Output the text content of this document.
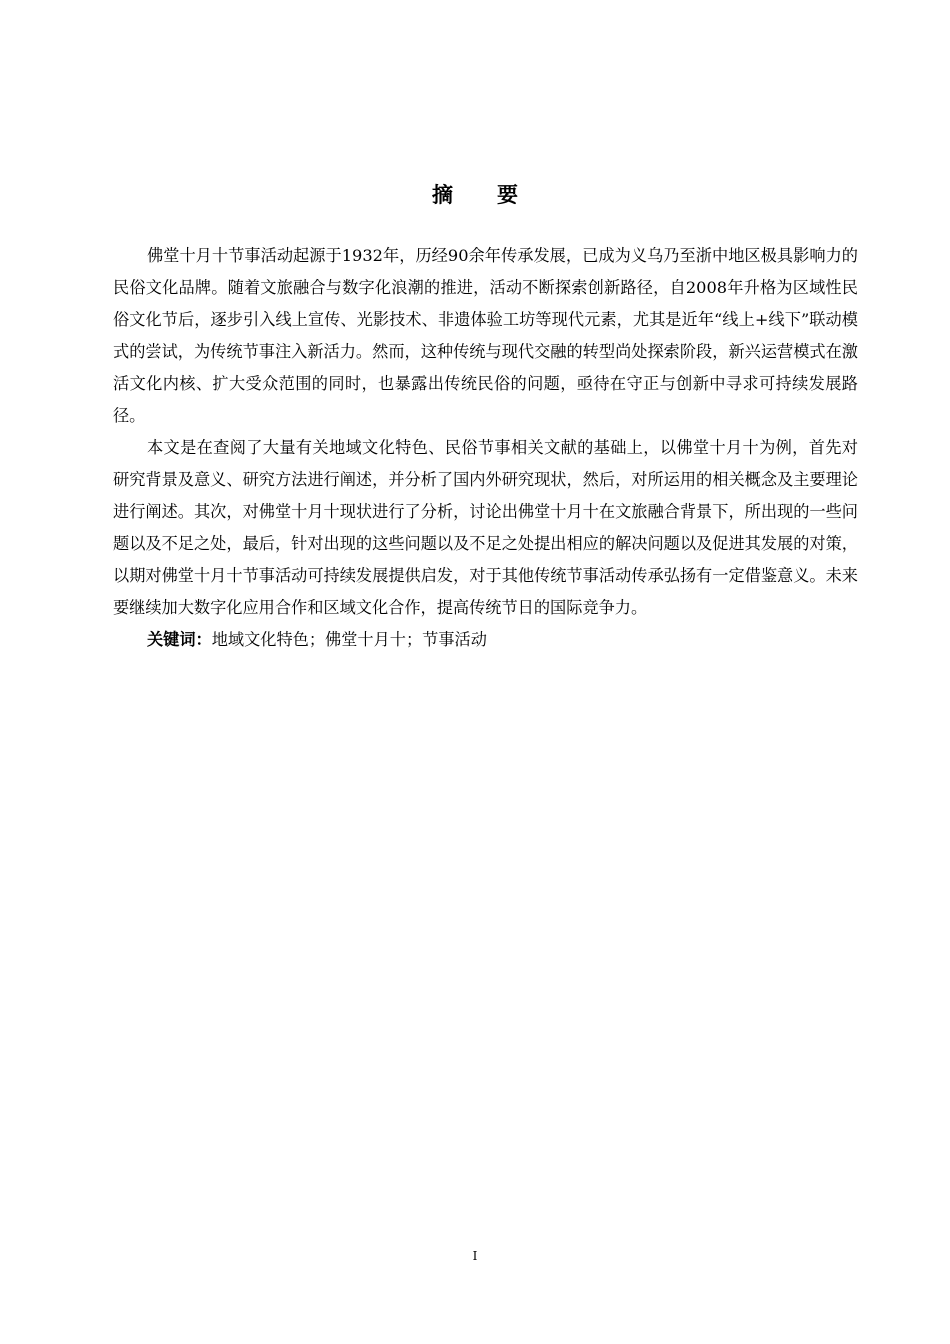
摘要

佛堂十月十节事活动起源于1932年，历经90余年传承发展，已成为义乌乃至浙中地区极具影响力的民俗文化品牌。随着文旅融合与数字化浪潮的推进，活动不断探索创新路径，自2008年升格为区域性民俗文化节后，逐步引入线上宣传、光影技术、非遗体验工坊等现代元素，尤其是近年“线上+线下”联动模式的尝试，为传统节事注入新活力。然而，这种传统与现代交融的转型尚处探索阶段，新兴运营模式在激活文化内核、扩大受众范围的同时，也暴露出传统民俗的问题，亟待在守正与创新中寻求可持续发展路径。

本文是在查阅了大量有关地域文化特色、民俗节事相关文献的基础上，以佛堂十月十为例，首先对研究背景及意义、研究方法进行阐述，并分析了国内外研究现状，然后，对所运用的相关概念及主要理论进行阐述。其次，对佛堂十月十现状进行了分析，讨论出佛堂十月十在文旅融合背景下，所出现的一些问题以及不足之处，最后，针对出现的这些问题以及不足之处提出相应的解决问题以及促进其发展的对策，以期对佛堂十月十节事活动可持续发展提供启发，对于其他传统节事活动传承弘扬有一定借鉴意义。未来要继续加大数字化应用合作和区域文化合作，提高传统节日的国际竞争力。

关键词：地域文化特色；佛堂十月十；节事活动

I
